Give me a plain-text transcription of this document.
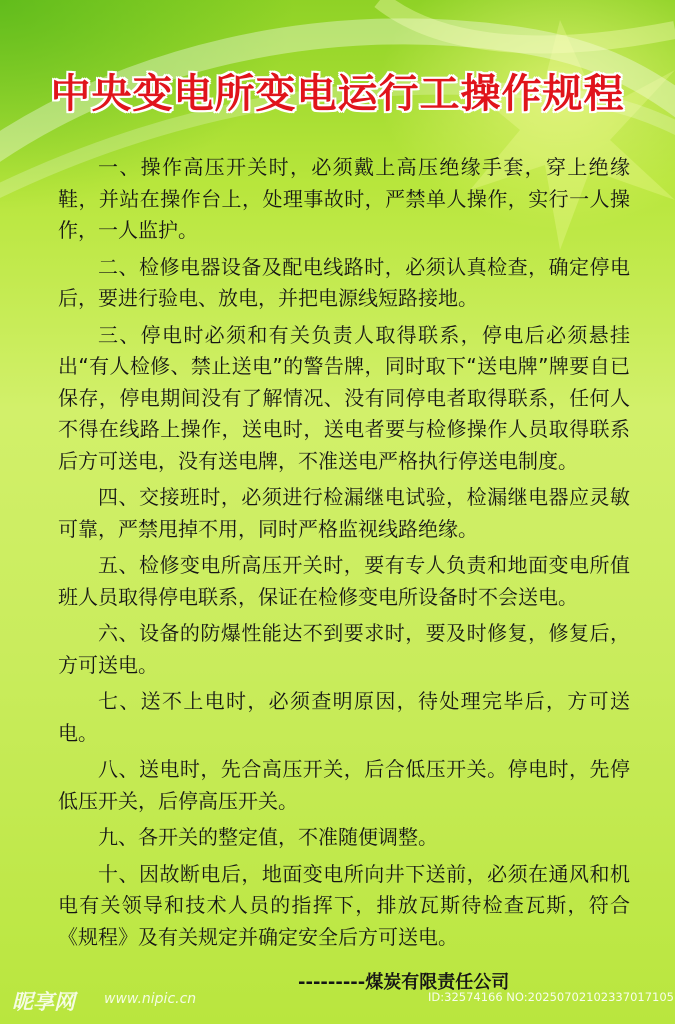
中央变电所变电运行工操作规程

一、操作高压开关时，必须戴上高压绝缘手套，穿上绝缘鞋，并站在操作台上，处理事故时，严禁单人操作，实行一人操作，一人监护。

二、检修电器设备及配电线路时，必须认真检查，确定停电后，要进行验电、放电，并把电源线短路接地。

三、停电时必须和有关负责人取得联系，停电后必须悬挂出“有人检修、禁止送电”的警告牌，同时取下“送电牌”牌要自已保存，停电期间没有了解情况、没有同停电者取得联系，任何人不得在线路上操作，送电时，送电者要与检修操作人员取得联系后方可送电，没有送电牌，不准送电严格执行停送电制度。

四、交接班时，必须进行检漏继电试验，检漏继电器应灵敏可靠，严禁甩掉不用，同时严格监视线路绝缘。

五、检修变电所高压开关时，要有专人负责和地面变电所值班人员取得停电联系，保证在检修变电所设备时不会送电。

六、设备的防爆性能达不到要求时，要及时修复，修复后，方可送电。

七、送不上电时，必须查明原因，待处理完毕后，方可送电。

八、送电时，先合高压开关，后合低压开关。停电时，先停低压开关，后停高压开关。

九、各开关的整定值，不准随便调整。

十、因故断电后，地面变电所向井下送前，必须在通风和机电有关领导和技术人员的指挥下，排放瓦斯待检查瓦斯，符合《规程》及有关规定并确定安全后方可送电。

---------煤炭有限责任公司
昵享网 www.nipic.cn	ID:32574166 NO:20250702102337017105
